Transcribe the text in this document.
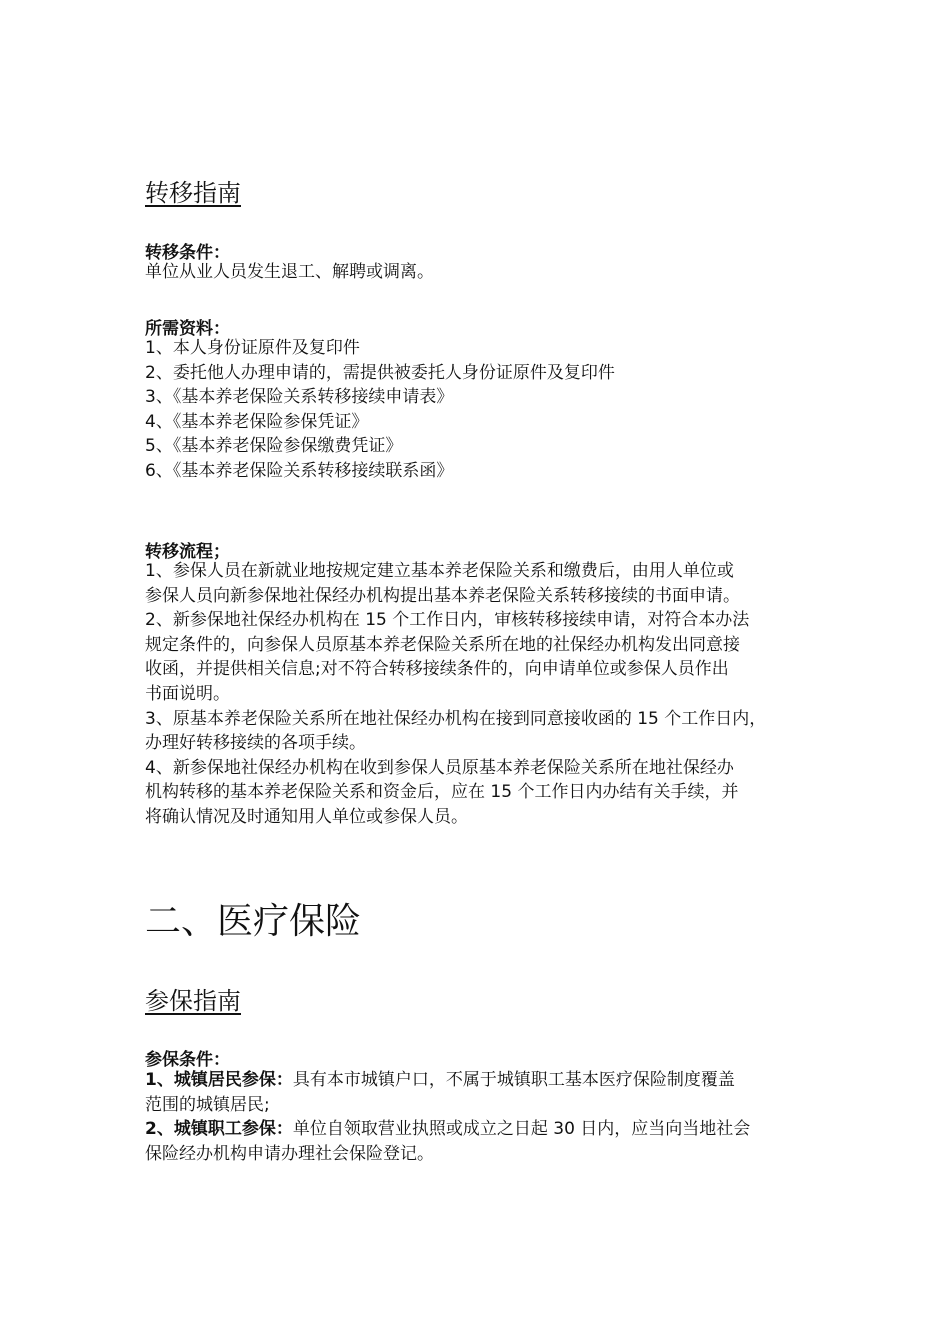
转移指南

转移条件：

单位从业人员发生退工、解聘或调离。

所需资料：

1、本人身份证原件及复印件
2、委托他人办理申请的，需提供被委托人身份证原件及复印件
3、《基本养老保险关系转移接续申请表》
4、《基本养老保险参保凭证》
5、《基本养老保险参保缴费凭证》
6、《基本养老保险关系转移接续联系函》

转移流程；

1、参保人员在新就业地按规定建立基本养老保险关系和缴费后，由用人单位或
参保人员向新参保地社保经办机构提出基本养老保险关系转移接续的书面申请。
2、新参保地社保经办机构在 15 个工作日内，审核转移接续申请，对符合本办法
规定条件的，向参保人员原基本养老保险关系所在地的社保经办机构发出同意接
收函，并提供相关信息;对不符合转移接续条件的，向申请单位或参保人员作出
书面说明。
3、原基本养老保险关系所在地社保经办机构在接到同意接收函的 15 个工作日内，
办理好转移接续的各项手续。
4、新参保地社保经办机构在收到参保人员原基本养老保险关系所在地社保经办
机构转移的基本养老保险关系和资金后，应在 15 个工作日内办结有关手续，并
将确认情况及时通知用人单位或参保人员。
二、医疗保险
参保指南

参保条件：

1、城镇居民参保：具有本市城镇户口，不属于城镇职工基本医疗保险制度覆盖
范围的城镇居民;
2、城镇职工参保：单位自领取营业执照或成立之日起 30 日内，应当向当地社会
保险经办机构申请办理社会保险登记。
